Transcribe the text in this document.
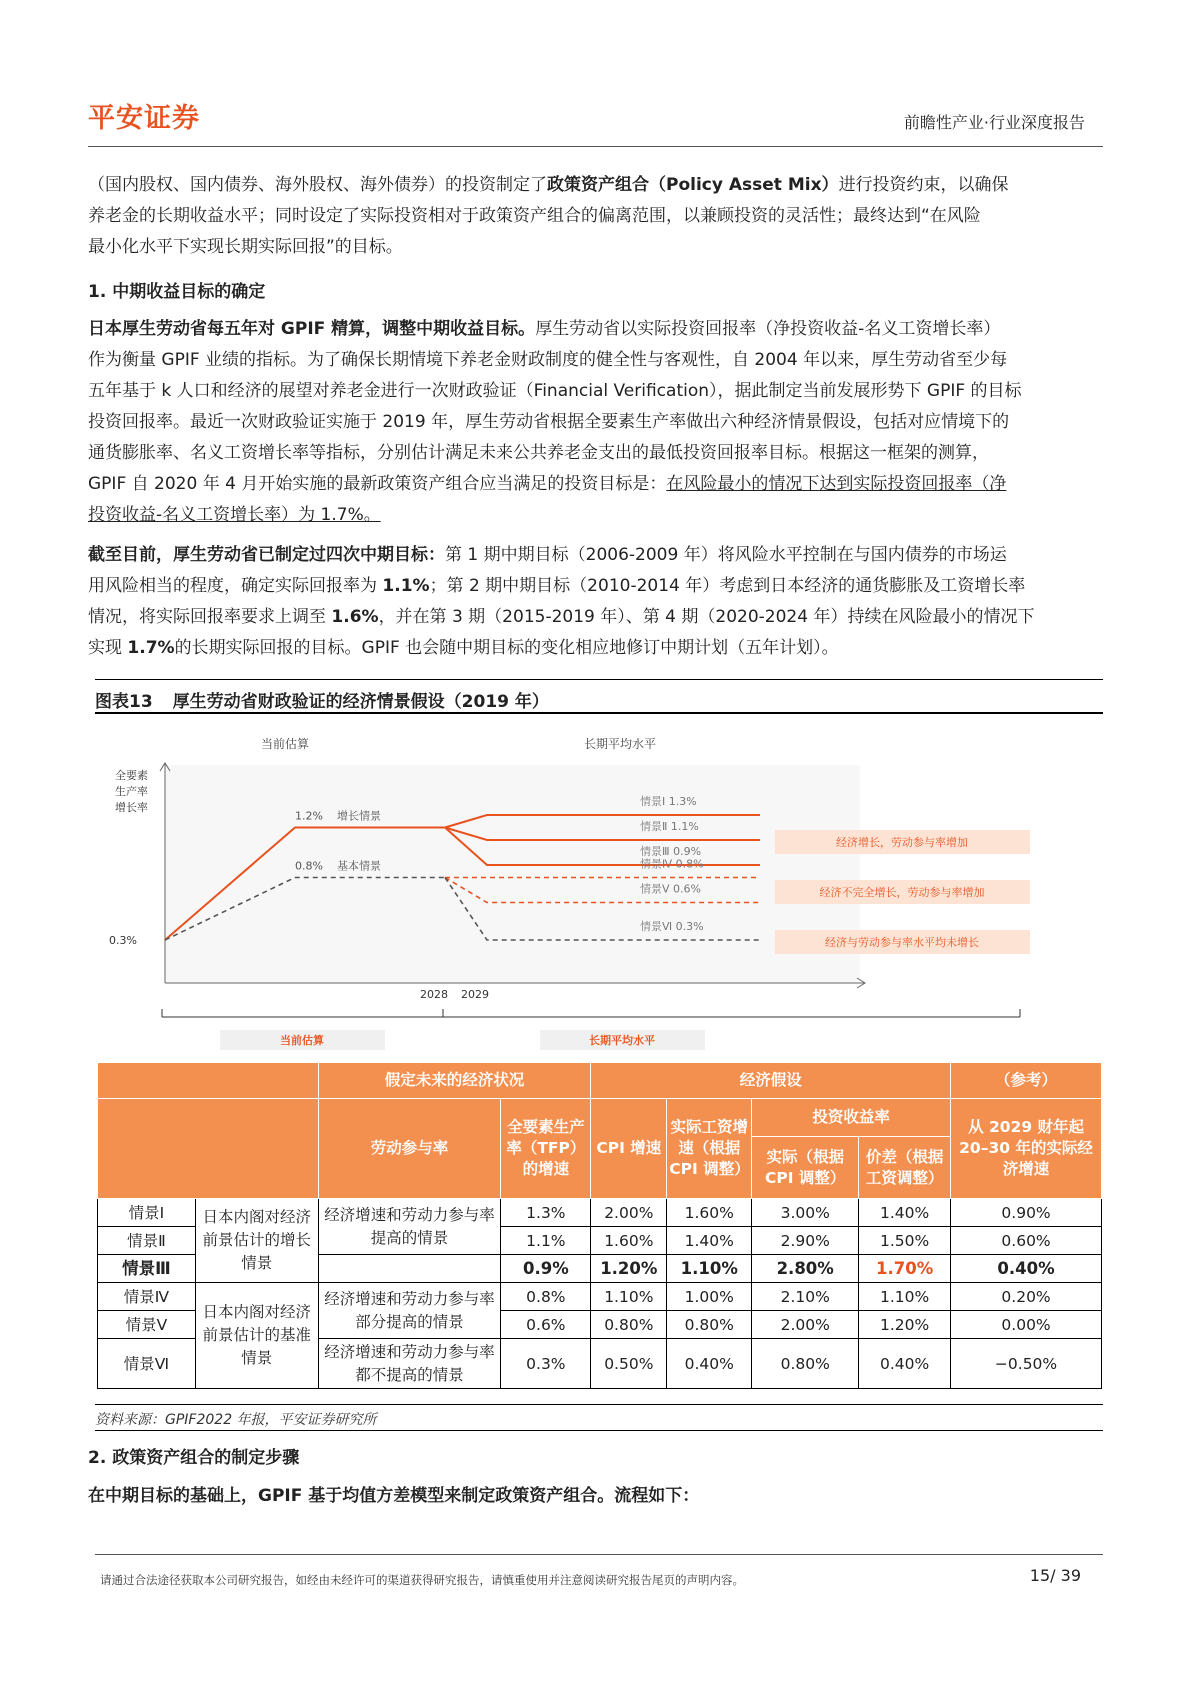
平安证券	前瞻性产业·行业深度报告
（国内股权、国内债券、海外股权、海外债券）的投资制定了政策资产组合（Policy Asset Mix）进行投资约束，以确保
养老金的长期收益水平；同时设定了实际投资相对于政策资产组合的偏离范围，以兼顾投资的灵活性；最终达到“在风险
最小化水平下实现长期实际回报”的目标。
1. 中期收益目标的确定
日本厚生劳动省每五年对 GPIF 精算，调整中期收益目标。厚生劳动省以实际投资回报率（净投资收益-名义工资增长率）
作为衡量 GPIF 业绩的指标。为了确保长期情境下养老金财政制度的健全性与客观性，自 2004 年以来，厚生劳动省至少每
五年基于 k 人口和经济的展望对养老金进行一次财政验证（Financial Verification），据此制定当前发展形势下 GPIF 的目标
投资回报率。最近一次财政验证实施于 2019 年，厚生劳动省根据全要素生产率做出六种经济情景假设，包括对应情境下的
通货膨胀率、名义工资增长率等指标，分别估计满足未来公共养老金支出的最低投资回报率目标。根据这一框架的测算，
GPIF 自 2020 年 4 月开始实施的最新政策资产组合应当满足的投资目标是：在风险最小的情况下达到实际投资回报率（净
投资收益-名义工资增长率）为 1.7%。
截至目前，厚生劳动省已制定过四次中期目标：第 1 期中期目标（2006-2009 年）将风险水平控制在与国内债券的市场运
用风险相当的程度，确定实际回报率为 1.1%；第 2 期中期目标（2010-2014 年）考虑到日本经济的通货膨胀及工资增长率
情况，将实际回报率要求上调至 1.6%，并在第 3 期（2015-2019 年）、第 4 期（2020-2024 年）持续在风险最小的情况下
实现 1.7%的长期实际回报的目标。GPIF 也会随中期目标的变化相应地修订中期计划（五年计划）。
图表13 厚生劳动省财政验证的经济情景假设（2019 年）
当前估算	长期平均水平
全要素
生产率
增长率
0.3%
1.2% 增长情景
0.8% 基本情景
情景Ⅰ 1.3%
情景Ⅱ 1.1%
情景Ⅲ 0.9%
情景Ⅳ 0.8%
情景Ⅴ 0.6%
情景Ⅵ 0.3%
经济增长，劳动参与率增加
经济不完全增长，劳动参与率增加
经济与劳动参与率水平均未增长
2028 2029
当前估算	长期平均水平
		假定未来的经济状况		经济假设				（参考）
		劳动参与率	全要素生产率（TFP）的增速	CPI 增速	实际工资增速（根据 CPI 调整）	投资收益率		从 2029 财年起 20–30 年的实际经济增速
						实际（根据 CPI 调整）	价差（根据工资调整）	
情景Ⅰ	日本内阁对经济前景估计的增长情景	经济增速和劳动力参与率提高的情景	1.3%	2.00%	1.60%	3.00%	1.40%	0.90%
情景Ⅱ			1.1%	1.60%	1.40%	2.90%	1.50%	0.60%
情景Ⅲ			0.9%	1.20%	1.10%	2.80%	1.70%	0.40%
情景Ⅳ	日本内阁对经济前景估计的基准情景	经济增速和劳动力参与率部分提高的情景	0.8%	1.10%	1.00%	2.10%	1.10%	0.20%
情景Ⅴ			0.6%	0.80%	0.80%	2.00%	1.20%	0.00%
情景Ⅵ		经济增速和劳动力参与率都不提高的情景	0.3%	0.50%	0.40%	0.80%	0.40%	−0.50%
资料来源：GPIF2022 年报，平安证券研究所
2. 政策资产组合的制定步骤
在中期目标的基础上，GPIF 基于均值方差模型来制定政策资产组合。流程如下：
请通过合法途径获取本公司研究报告，如经由未经许可的渠道获得研究报告，请慎重使用并注意阅读研究报告尾页的声明内容。	15/ 39
